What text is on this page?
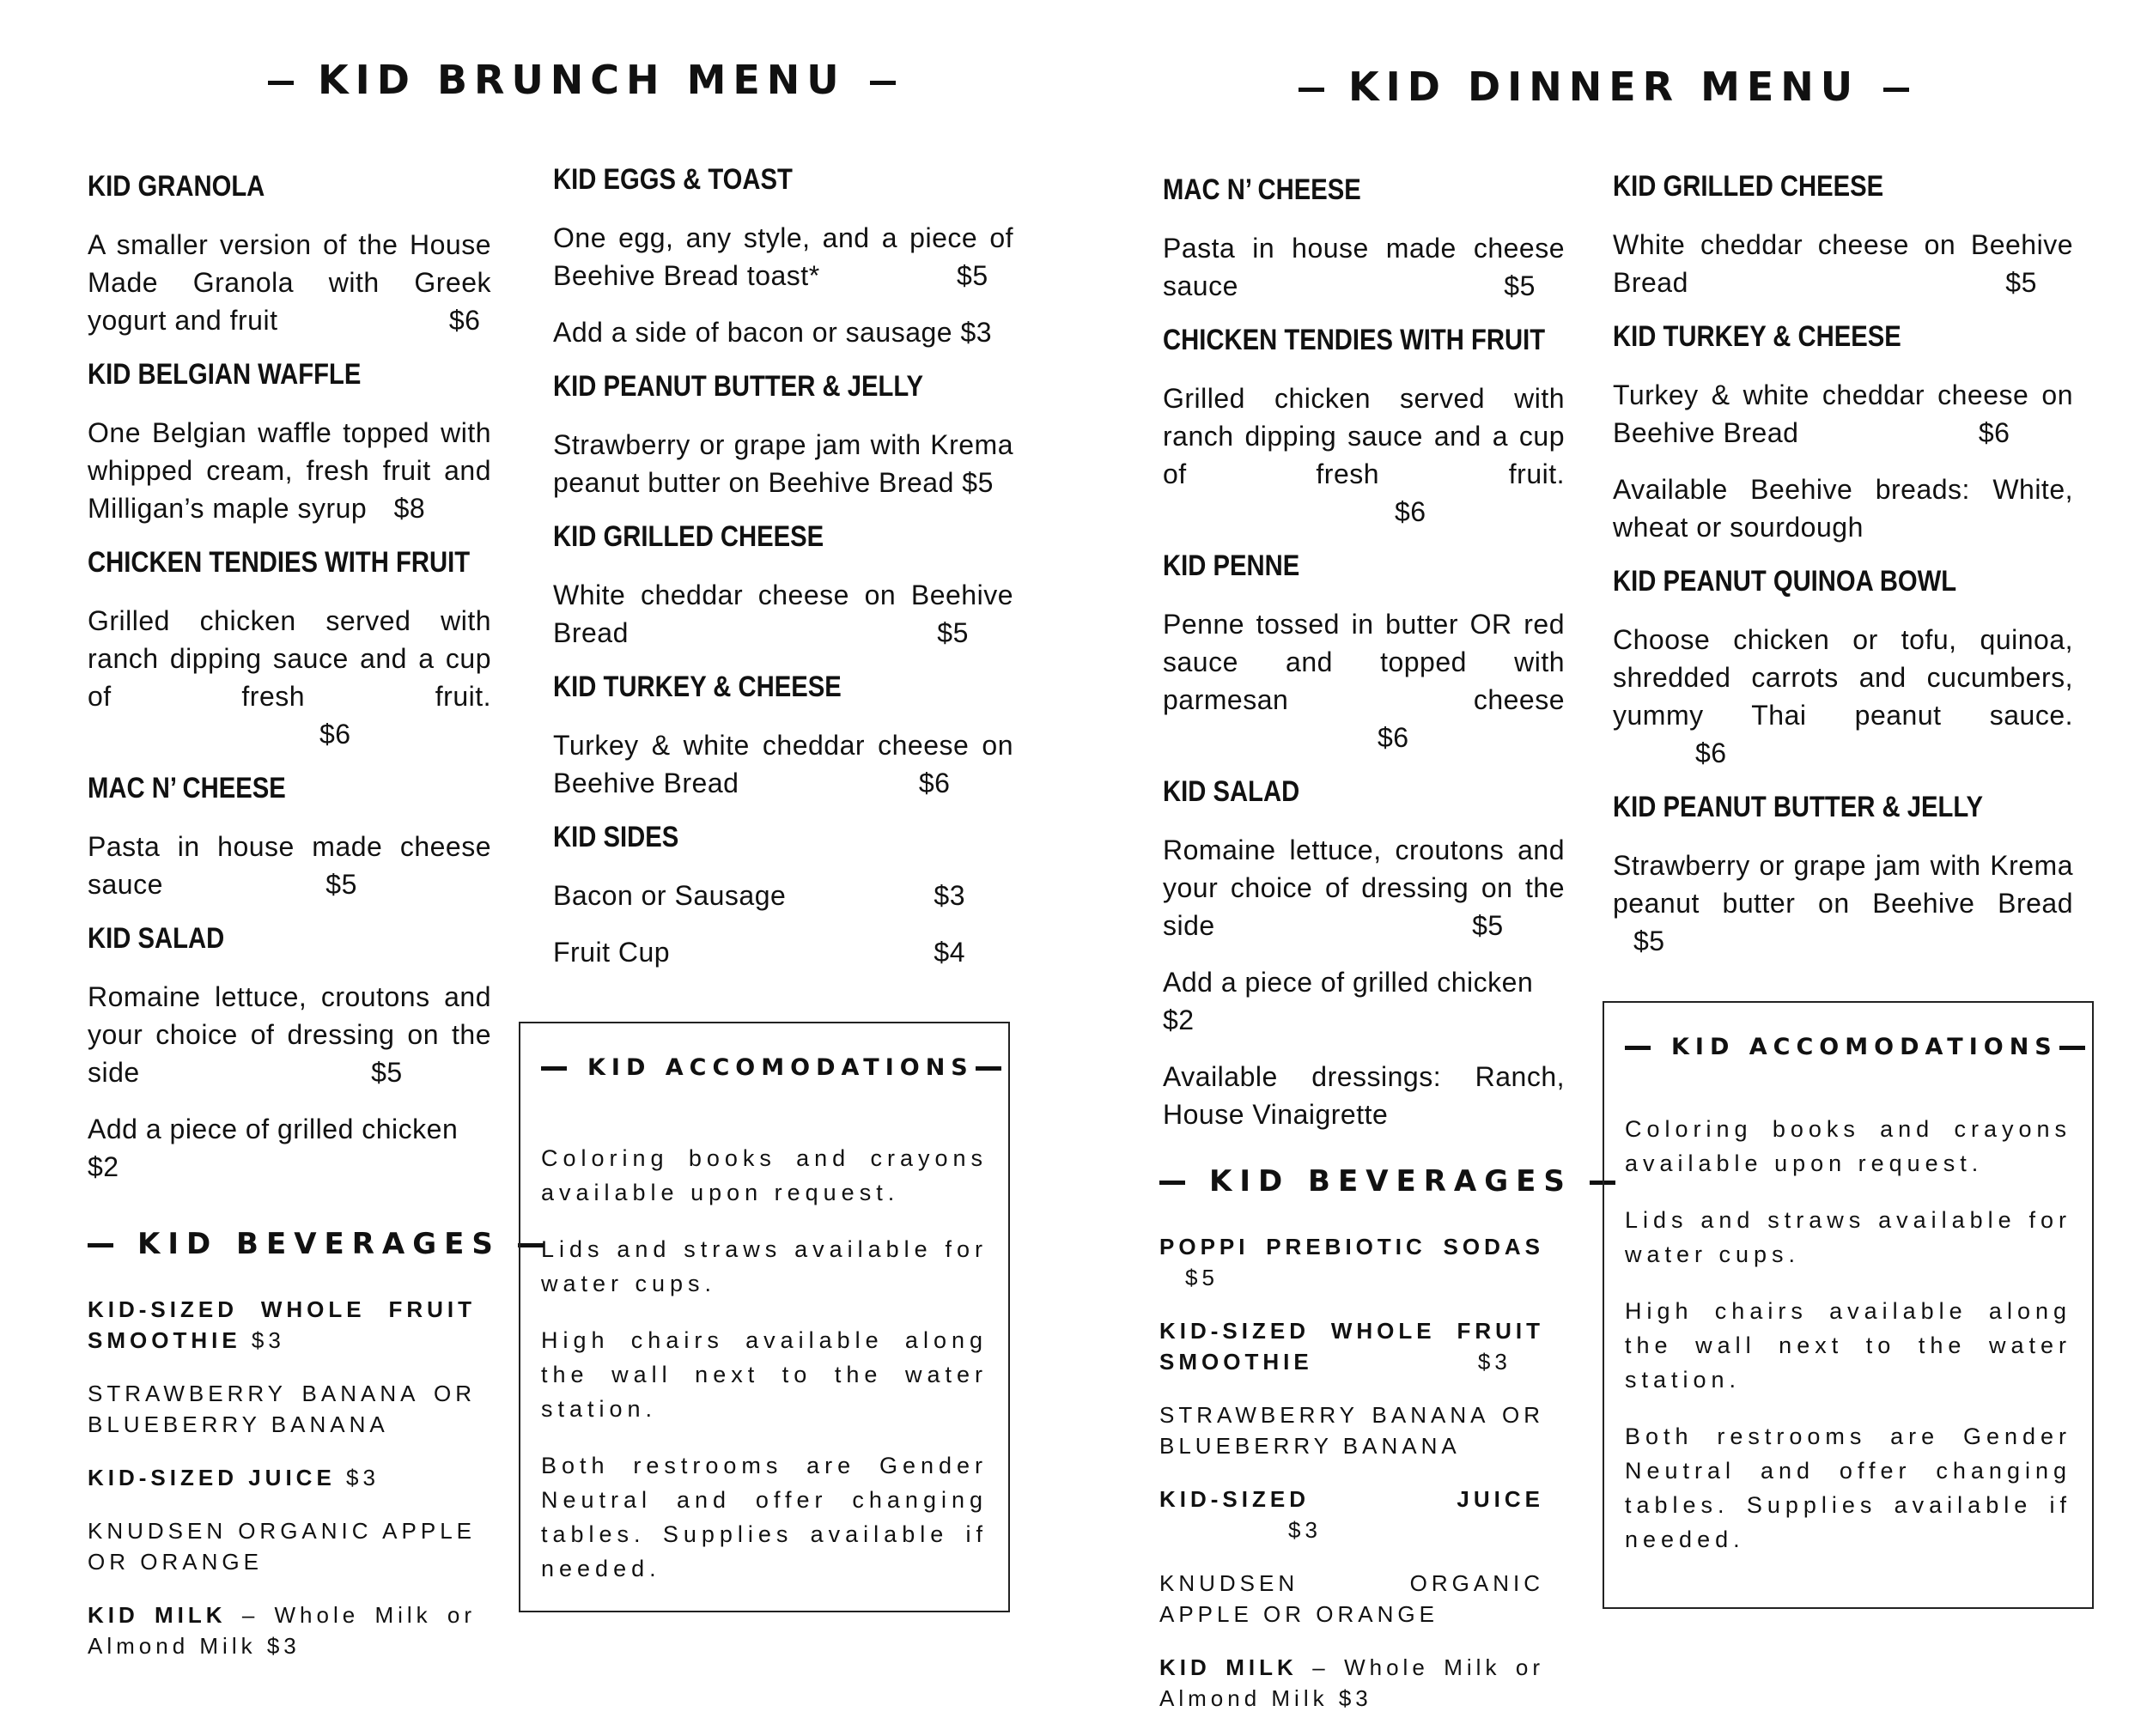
KID BRUNCH MENU
KID GRANOLA
A smaller version of the House Made Granola with Greek yogurt and fruit	$6
KID BELGIAN WAFFLE
One Belgian waffle topped with whipped cream, fresh fruit and Milligan’s maple syrup $8
CHICKEN TENDIES WITH FRUIT
Grilled chicken served with ranch dipping sauce and a cup of fresh fruit. $6
MAC N’ CHEESE
Pasta in house made cheese sauce	$5
KID SALAD
Romaine lettuce, croutons and your choice of dressing on the side	$5
Add a piece of grilled chicken $2
KID BEVERAGES
KID-SIZED WHOLE FRUIT SMOOTHIE $3
STRAWBERRY BANANA OR BLUEBERRY BANANA
KID-SIZED JUICE $3
KNUDSEN ORGANIC APPLE OR ORANGE
KID MILK – Whole Milk or Almond Milk $3
KID EGGS & TOAST
One egg, any style, and a piece of Beehive Bread toast*	$5
Add a side of bacon or sausage $3
KID PEANUT BUTTER & JELLY
Strawberry or grape jam with Krema peanut butter on Beehive Bread $5
KID GRILLED CHEESE
White cheddar cheese on Beehive Bread	$5
KID TURKEY & CHEESE
Turkey & white cheddar cheese on Beehive Bread	$6
KID SIDES
Bacon or Sausage	$3
Fruit Cup	$4
KID ACCOMODATIONS
Coloring books and crayons available upon request.
Lids and straws available for water cups.
High chairs available along the wall next to the water station.
Both restrooms are Gender Neutral and offer changing tables. Supplies available if needed.
KID DINNER MENU
MAC N’ CHEESE
Pasta in house made cheese sauce	$5
CHICKEN TENDIES WITH FRUIT
Grilled chicken served with ranch dipping sauce and a cup of fresh fruit. $6
KID PENNE
Penne tossed in butter OR red sauce and topped with parmesan cheese $6
KID SALAD
Romaine lettuce, croutons and your choice of dressing on the side	$5
Add a piece of grilled chicken $2
Available dressings: Ranch, House Vinaigrette
KID BEVERAGES
POPPI PREBIOTIC SODAS $5
KID-SIZED WHOLE FRUIT SMOOTHIE	$3
STRAWBERRY BANANA OR BLUEBERRY BANANA
KID-SIZED JUICE $3
KNUDSEN ORGANIC APPLE OR ORANGE
KID MILK – Whole Milk or Almond Milk $3
KID GRILLED CHEESE
White cheddar cheese on Beehive Bread	$5
KID TURKEY & CHEESE
Turkey & white cheddar cheese on Beehive Bread	$6
Available Beehive breads: White, wheat or sourdough
KID PEANUT QUINOA BOWL
Choose chicken or tofu, quinoa, shredded carrots and cucumbers, yummy Thai peanut sauce. $6
KID PEANUT BUTTER & JELLY
Strawberry or grape jam with Krema peanut butter on Beehive Bread $5
KID ACCOMODATIONS
Coloring books and crayons available upon request.
Lids and straws available for water cups.
High chairs available along the wall next to the water station.
Both restrooms are Gender Neutral and offer changing tables. Supplies available if needed.
